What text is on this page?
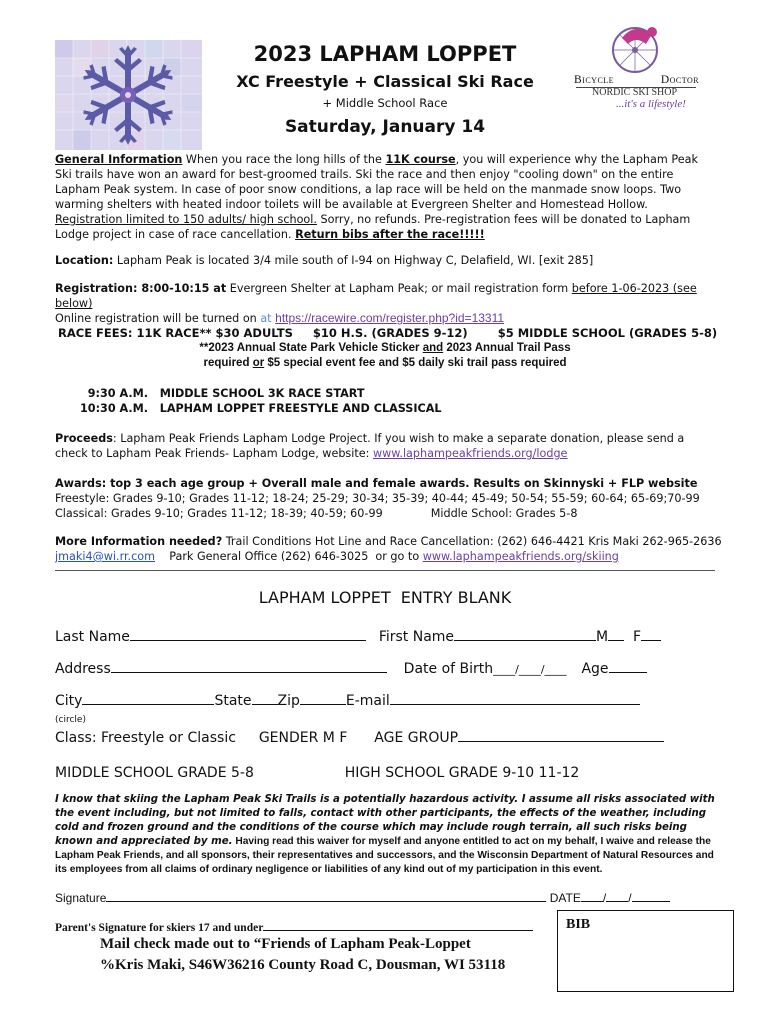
2023 LAPHAM LOPPET
XC Freestyle + Classical Ski Race
+ Middle School Race
Saturday, January 14
Bicycle	Doctor
NORDIC SKI SHOP
...it's a lifestyle!
General Information When you race the long hills of the 11K course, you will experience why the Lapham Peak Ski trails have won an award for best-groomed trails. Ski the race and then enjoy "cooling down" on the entire Lapham Peak system. In case of poor snow conditions, a lap race will be held on the manmade snow loops. Two warming shelters with heated indoor toilets will be available at Evergreen Shelter and Homestead Hollow. Registration limited to 150 adults/ high school. Sorry, no refunds. Pre-registration fees will be donated to Lapham Lodge project in case of race cancellation. Return bibs after the race!!!!!
Location: Lapham Peak is located 3/4 mile south of I-94 on Highway C, Delafield, WI. [exit 285]
Registration: 8:00-10:15 at Evergreen Shelter at Lapham Peak; or mail registration form before 1-06-2023 (see below)
Online registration will be turned on at https://racewire.com/register.php?id=13311
RACE FEES: 11K RACE** $30 ADULTS $10 H.S. (GRADES 9-12)	$5 MIDDLE SCHOOL (GRADES 5-8)
**2023 Annual State Park Vehicle Sticker and 2023 Annual Trail Pass
required or $5 special event fee and $5 daily ski trail pass required
9:30 A.M. MIDDLE SCHOOL 3K RACE START
10:30 A.M. LAPHAM LOPPET FREESTYLE AND CLASSICAL
Proceeds: Lapham Peak Friends Lapham Lodge Project. If you wish to make a separate donation, please send a check to Lapham Peak Friends- Lapham Lodge, website: www.laphampeakfriends.org/lodge
Awards: top 3 each age group + Overall male and female awards. Results on Skinnyski + FLP website
Freestyle: Grades 9-10; Grades 11-12; 18-24; 25-29; 30-34; 35-39; 40-44; 45-49; 50-54; 55-59; 60-64; 65-69;70-99
Classical: Grades 9-10; Grades 11-12; 18-39; 40-59; 60-99	Middle School: Grades 5-8
More Information needed? Trail Conditions Hot Line and Race Cancellation: (262) 646-4421 Kris Maki 262-965-2636
jmaki4@wi.rr.com    Park General Office (262) 646-3025  or go to www.laphampeakfriends.org/skiing
LAPHAM LOPPET ENTRY BLANK
Last Name	First Name	M F
Address	Date of Birth____/____/____ Age
City	State Zip	E-mail
(circle)
Class: Freestyle or Classic GENDER M F AGE GROUP
MIDDLE SCHOOL GRADE 5-8	HIGH SCHOOL GRADE 9-10 11-12
I know that skiing the Lapham Peak Ski Trails is a potentially hazardous activity. I assume all risks associated with the event including, but not limited to falls, contact with other participants, the effects of the weather, including cold and frozen ground and the conditions of the course which may include rough terrain, all such risks being known and appreciated by me. Having read this waiver for myself and anyone entitled to act on my behalf, I waive and release the Lapham Peak Friends, and all sponsors, their representatives and successors, and the Wisconsin Department of Natural Resources and its employees from all claims of ordinary negligence or liabilities of any kind out of my participation in this event.
Signature	DATE / /
Parent's Signature for skiers 17 and under	BIB
Mail check made out to “Friends of Lapham Peak-Loppet
%Kris Maki, S46W36216 County Road C, Dousman, WI 53118
